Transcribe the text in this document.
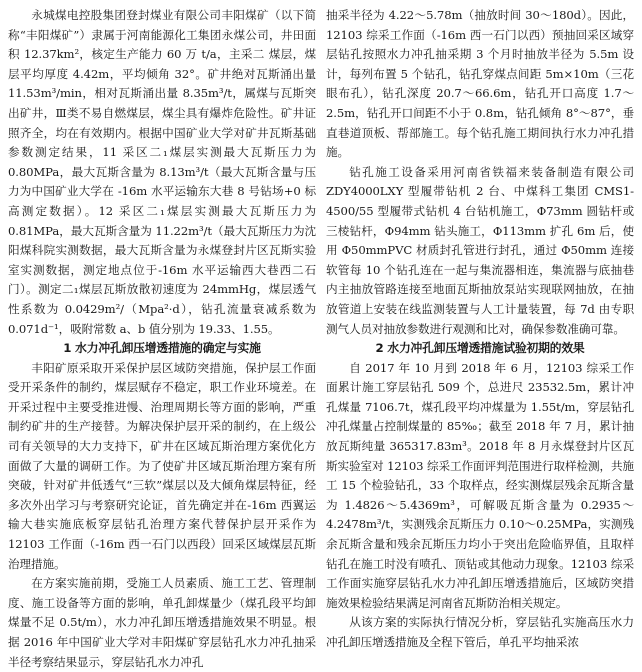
永城煤电控股集团登封煤业有限公司丰阳煤矿（以下简称“丰阳煤矿”）隶属于河南能源化工集团永煤公司，井田面积 12.37km²，核定生产能力 60 万 t/a，主采二 煤层，煤层平均厚度 4.42m，平均倾角 32°。矿井绝对瓦斯涌出量 11.53m³/min，相对瓦斯涌出量 8.35m³/t，属煤与瓦斯突出矿井，Ⅲ类不易自燃煤层，煤尘具有爆炸危险性。矿井证照齐全，均在有效期内。根据中国矿业大学对矿井瓦斯基础参数测定结果，11 采区二₁煤层实测最大瓦斯压力为 0.80MPa，最大瓦斯含量为 8.13m³/t（最大瓦斯含量与压力为中国矿业大学在 -16m 水平运输东大巷 8 号钻场+0 标高测定数据）。12 采区二₁煤层实测最大瓦斯压力为 0.81MPa，最大瓦斯含量为 11.22m³/t（最大瓦斯压力为沈阳煤科院实测数据，最大瓦斯含量为永煤登封片区瓦斯实验室实测数据，测定地点位于-16m 水平运输西大巷西二石门）。测定二₁煤层瓦斯放散初速度为 24mmHg，煤层透气性系数为 0.0429m²/（Mpa²·d），钻孔流量衰减系数为 0.071d⁻¹，吸附常数 a、b 值分别为 19.33、1.55。

1 水力冲孔卸压增透措施的确定与实施

丰阳矿原采取开采保护层区域防突措施，保护层工作面受开采条件的制约，煤层赋存不稳定，职工作业环境差。在开采过程中主要受推进慢、治理周期长等方面的影响，严重制约矿井的生产接替。为解决保护层开采的制约，在上级公司有关领导的大力支持下，矿井在区域瓦斯治理方案优化方面做了大量的调研工作。为了使矿井区域瓦斯治理方案有所突破，针对矿井低透气“三软”煤层以及大倾角煤层特征，经多次外出学习与考察研究论证，首先确定并在-16m 西翼运输大巷实施底板穿层钻孔治理方案代替保护层开采作为 12103 工作面（-16m 西一石门以西段）回采区域煤层瓦斯治理措施。

在方案实施前期，受施工人员素质、施工工艺、管理制度、施工设备等方面的影响，单孔卸煤量少（煤孔段平均卸煤量不足 0.5t/m），水力冲孔卸压增透措施效果不明显。根据 2016 年中国矿业大学对丰阳煤矿穿层钻孔水力冲孔抽采半径考察结果显示，穿层钻孔水力冲孔

抽采半径为 4.22～5.78m（抽放时间 30～180d）。因此，12103 综采工作面（-16m 西一石门以西）预抽回采区域穿层钻孔按照水力冲孔抽采期 3 个月时抽放半径为 5.5m 设计，每列布置 5 个钻孔，钻孔穿煤点间距 5m×10m（三花眼布孔），钻孔深度 20.7～66.6m，钻孔开口高度 1.7～2.5m，钻孔开口间距不小于 0.8m，钻孔倾角 8°～87°，垂直巷道顶板、帮部施工。每个钻孔施工期间执行水力冲孔措施。

钻孔施工设备采用河南省铁福来装备制造有限公司 ZDY4000LXY 型履带钻机 2 台、中煤科工集团 CMS1-4500/55 型履带式钻机 4 台钻机施工，Φ73mm 圆钻杆或三棱钻杆，Φ94mm 钻头施工，Φ113mm 扩孔 6m 后，使用 Φ50mmPVC 材质封孔管进行封孔，通过 Φ50mm 连接软管每 10 个钻孔连在一起与集流器相连，集流器与底抽巷内主抽放管路连接至地面瓦斯抽放泵站实现联网抽放，在抽放管道上安装在线监测装置与人工计量装置，每 7d 由专职测气人员对抽放参数进行观测和比对，确保参数准确可靠。

2 水力冲孔卸压增透措施试验初期的效果

自 2017 年 10 月到 2018 年 6 月，12103 综采工作面累计施工穿层钻孔 509 个，总进尺 23532.5m，累计冲孔煤量 7106.7t，煤孔段平均冲煤量为 1.55t/m，穿层钻孔冲孔煤量占控制煤量的 85‰；截至 2018 年 7 月，累计抽放瓦斯纯量 365317.83m³。2018 年 8 月永煤登封片区瓦斯实验室对 12103 综采工作面评判范围进行取样检测，共施工 15 个检验钻孔，33 个取样点，经实测煤层残余瓦斯含量为 1.4826～5.4369m³，可解吸瓦斯含量为 0.2935～4.2478m³/t，实测残余瓦斯压力 0.10～0.25MPa，实测残余瓦斯含量和残余瓦斯压力均小于突出危险临界值，且取样钻孔在施工时没有喷孔、顶钻或其他动力现象。12103 综采工作面实施穿层钻孔水力冲孔卸压增透措施后，区域防突措施效果检验结果满足河南省瓦斯防治相关规定。

从该方案的实际执行情况分析，穿层钻孔实施高压水力冲孔卸压增透措施及全程下管后，单孔平均抽采浓
